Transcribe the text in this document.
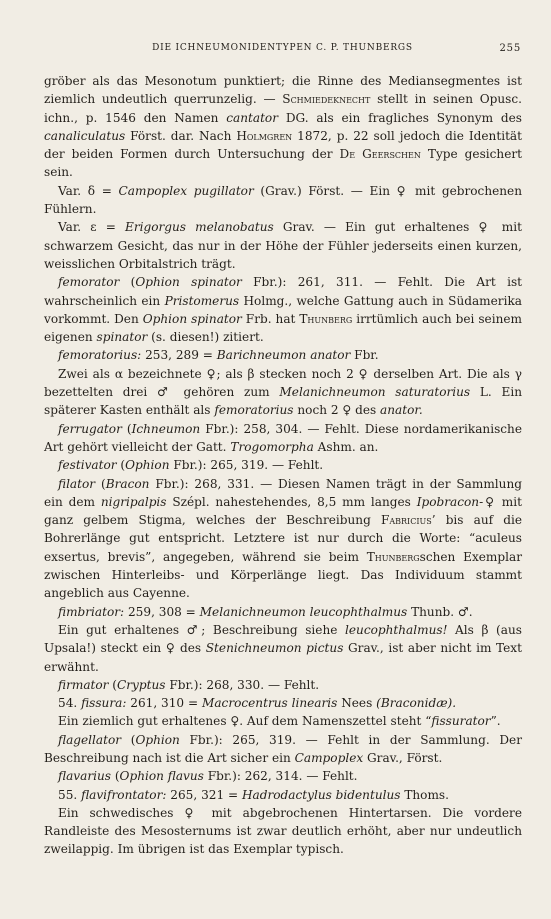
DIE ICHNEUMONIDENTYPEN C. P. THUNBERGS	255

gröber als das Mesonotum punktiert; die Rinne des Mediansegmentes ist ziemlich undeutlich querrunzelig. — Schmiedeknecht stellt in seinen Opusc. ichn., p. 1546 den Namen cantator DG. als ein fragliches Synonym des canaliculatus Först. dar. Nach Holmgren 1872, p. 22 soll jedoch die Identität der beiden Formen durch Untersuchung der De Geerschen Type gesichert sein.

Var. δ = Campoplex pugillator (Grav.) Först. — Ein ♀ mit gebrochenen Fühlern.

Var. ε = Erigorgus melanobatus Grav. — Ein gut erhaltenes ♀ mit schwarzem Gesicht, das nur in der Höhe der Fühler jederseits einen kurzen, weisslichen Orbitalstrich trägt.

femorator (Ophion spinator Fbr.): 261, 311. — Fehlt. Die Art ist wahrscheinlich ein Pristomerus Holmg., welche Gattung auch in Südamerika vorkommt. Den Ophion spinator Frb. hat Thunberg irrtümlich auch bei seinem eigenen spinator (s. diesen!) zitiert.

femoratorius: 253, 289 = Barichneumon anator Fbr.

Zwei als α bezeichnete ♀; als β stecken noch 2 ♀ derselben Art. Die als γ bezettelten drei ♂ gehören zum Melanichneumon saturatorius L. Ein späterer Kasten enthält als femoratorius noch 2 ♀ des anator.

ferrugator (Ichneumon Fbr.): 258, 304. — Fehlt. Diese nordamerikanische Art gehört vielleicht der Gatt. Trogomorpha Ashm. an.

festivator (Ophion Fbr.): 265, 319. — Fehlt.

filator (Bracon Fbr.): 268, 331. — Diesen Namen trägt in der Sammlung ein dem nigripalpis Szépl. nahestehendes, 8,5 mm langes Ipobracon-♀ mit ganz gelbem Stigma, welches der Beschreibung Fabricius’ bis auf die Bohrerlänge gut entspricht. Letztere ist nur durch die Worte: “aculeus exsertus, brevis”, angegeben, während sie beim Thunbergschen Exemplar zwischen Hinterleibs- und Körperlänge liegt. Das Individuum stammt angeblich aus Cayenne.

fimbriator: 259, 308 = Melanichneumon leucophthalmus Thunb. ♂.

Ein gut erhaltenes ♂; Beschreibung siehe leucophthalmus! Als β (aus Upsala!) steckt ein ♀ des Stenichneumon pictus Grav., ist aber nicht im Text erwähnt.

firmator (Cryptus Fbr.): 268, 330. — Fehlt.

54. fissura: 261, 310 = Macrocentrus linearis Nees (Braconidæ).

Ein ziemlich gut erhaltenes ♀. Auf dem Namenszettel steht “fissurator”.

flagellator (Ophion Fbr.): 265, 319. — Fehlt in der Sammlung. Der Beschreibung nach ist die Art sicher ein Campoplex Grav., Först.

flavarius (Ophion flavus Fbr.): 262, 314. — Fehlt.

55. flavifrontator: 265, 321 = Hadrodactylus bidentulus Thoms.

Ein schwedisches ♀ mit abgebrochenen Hintertarsen. Die vordere Randleiste des Mesosternums ist zwar deutlich erhöht, aber nur undeutlich zweilappig. Im übrigen ist das Exemplar typisch.
